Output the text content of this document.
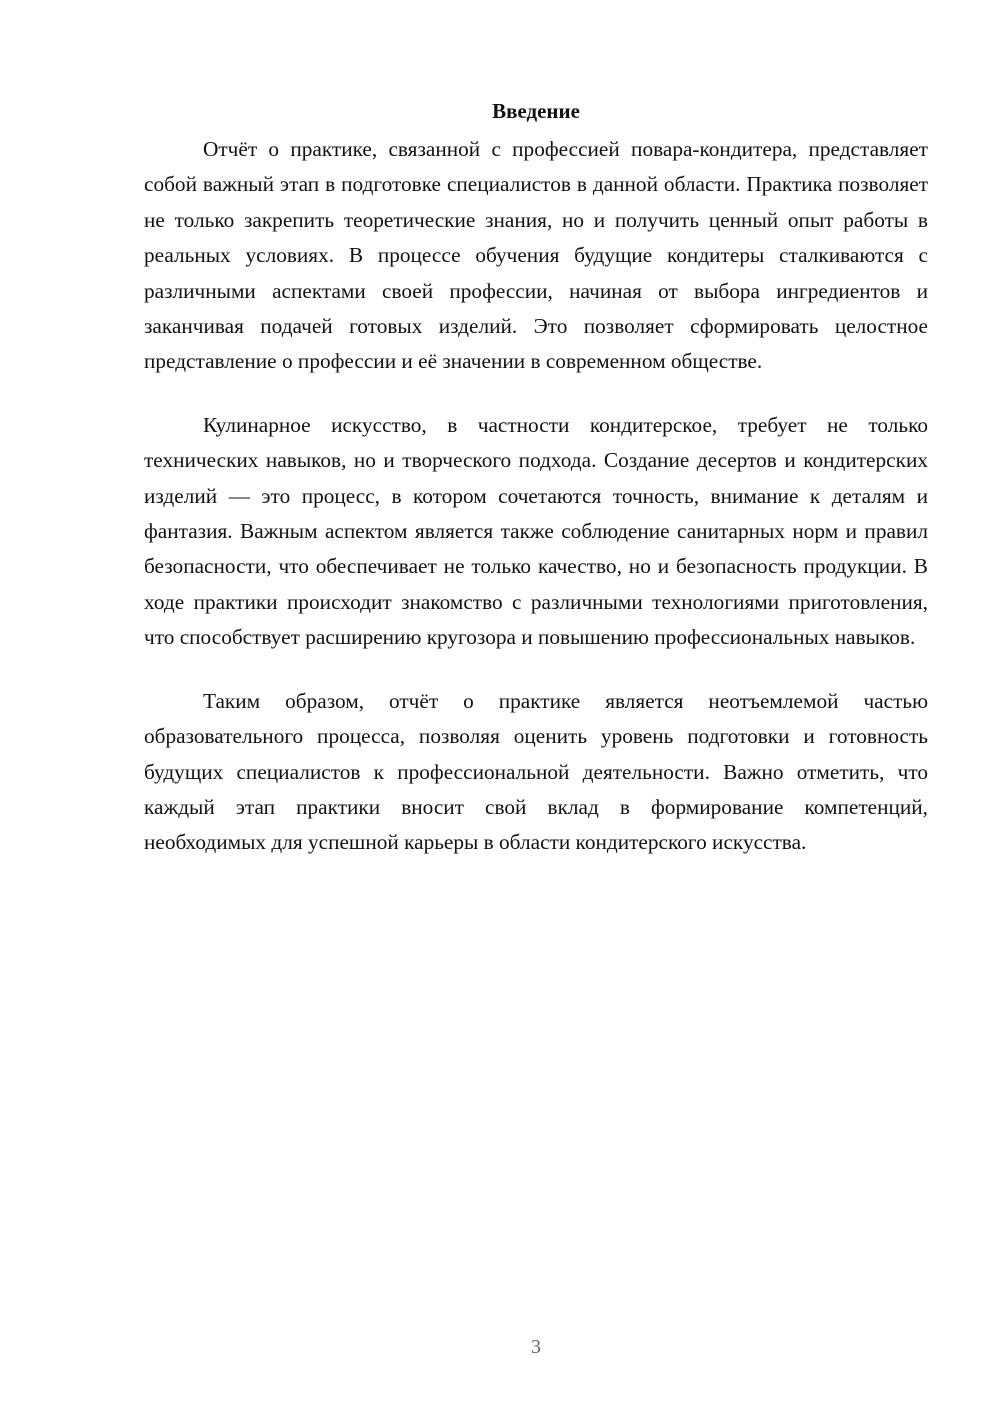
Введение

Отчёт о практике, связанной с профессией повара-кондитера, представляет собой важный этап в подготовке специалистов в данной области. Практика позволяет не только закрепить теоретические знания, но и получить ценный опыт работы в реальных условиях. В процессе обучения будущие кондитеры сталкиваются с различными аспектами своей профессии, начиная от выбора ингредиентов и заканчивая подачей готовых изделий. Это позволяет сформировать целостное представление о профессии и её значении в современном обществе.

Кулинарное искусство, в частности кондитерское, требует не только технических навыков, но и творческого подхода. Создание десертов и кондитерских изделий — это процесс, в котором сочетаются точность, внимание к деталям и фантазия. Важным аспектом является также соблюдение санитарных норм и правил безопасности, что обеспечивает не только качество, но и безопасность продукции. В ходе практики происходит знакомство с различными технологиями приготовления, что способствует расширению кругозора и повышению профессиональных навыков.

Таким образом, отчёт о практике является неотъемлемой частью образовательного процесса, позволяя оценить уровень подготовки и готовность будущих специалистов к профессиональной деятельности. Важно отметить, что каждый этап практики вносит свой вклад в формирование компетенций, необходимых для успешной карьеры в области кондитерского искусства.

3
